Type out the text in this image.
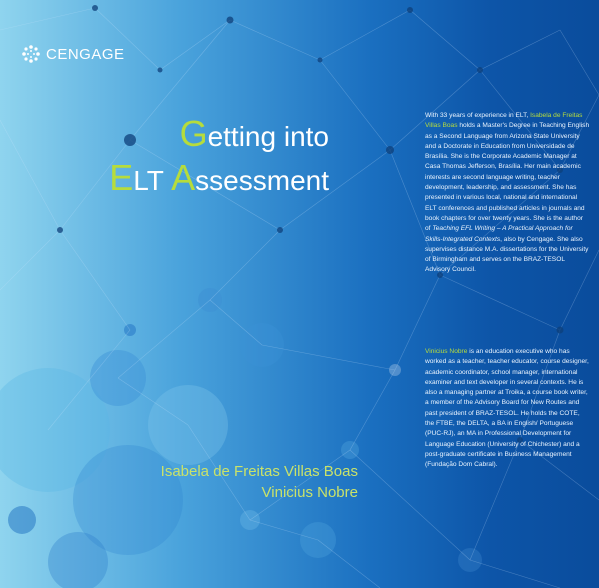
CENGAGE
Getting into
ELT Assessment
Isabela de Freitas Villas Boas
Vinicius Nobre
With 33 years of experience in ELT, Isabela de Freitas Villas Boas holds a Master's Degree in Teaching English as a Second Language from Arizona State University and a Doctorate in Education from Universidade de Brasília. She is the Corporate Academic Manager at Casa Thomas Jefferson, Brasília. Her main academic interests are second language writing, teacher development, leadership, and assessment. She has presented in various local, national and international ELT conferences and published articles in journals and book chapters for over twenty years. She is the author of Teaching EFL Writing – A Practical Approach for Skills-Integrated Contexts, also by Cengage. She also supervises distance M.A. dissertations for the University of Birmingham and serves on the BRAZ-TESOL Advisory Council.
Vinicius Nobre is an education executive who has worked as a teacher, teacher educator, course designer, academic coordinator, school manager, international examiner and text developer in several contexts. He is also a managing partner at Troika, a course book writer, a member of the Advisory Board for New Routes and past president of BRAZ-TESOL. He holds the COTE, the FTBE, the DELTA, a BA in English/ Portuguese (PUC-RJ), an MA in Professional Development for Language Education (University of Chichester) and a post-graduate certificate in Business Management (Fundação Dom Cabral).
